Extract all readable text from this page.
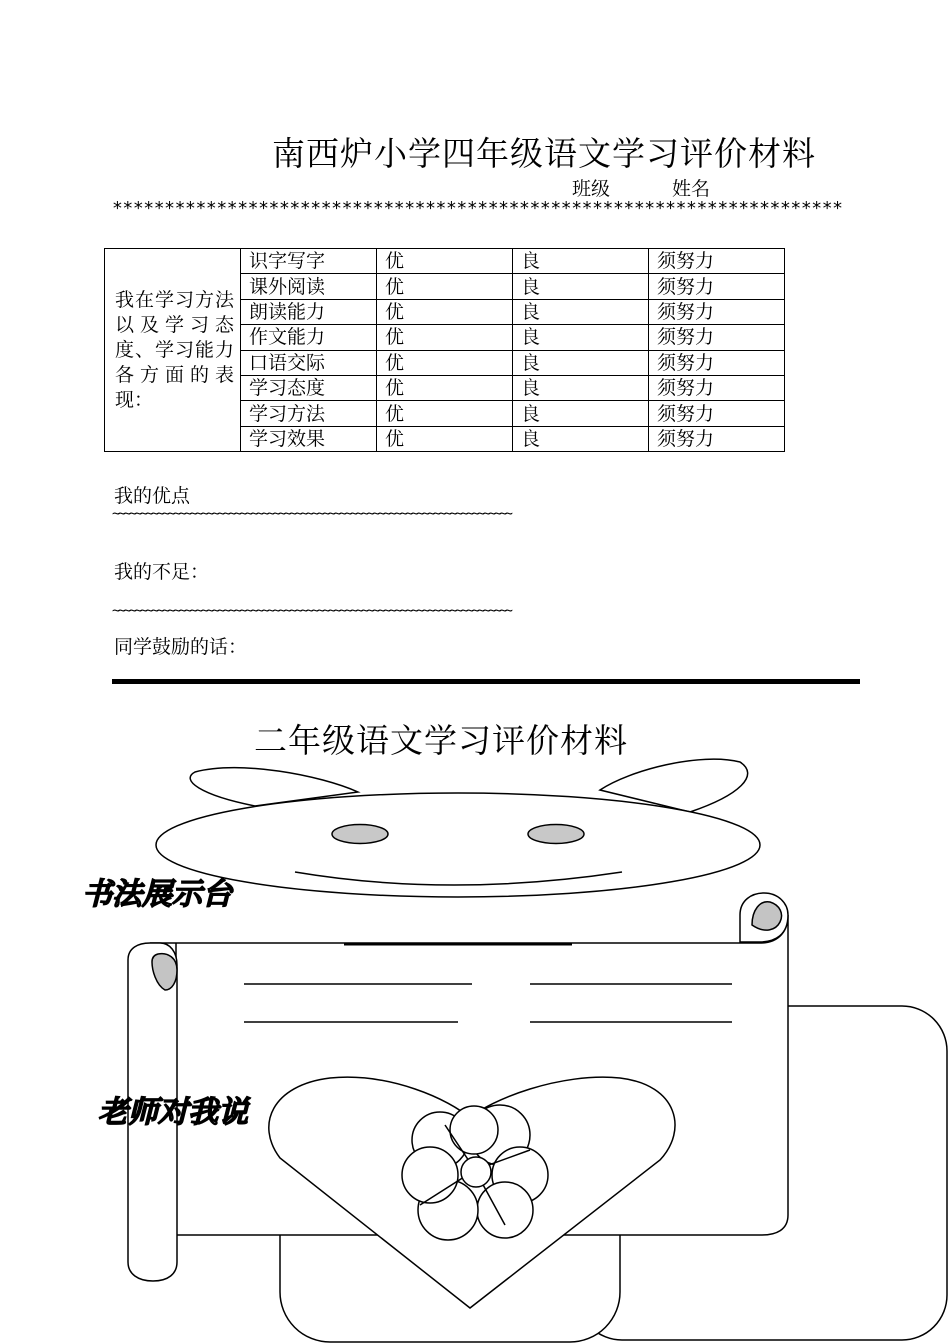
南西炉小学四年级语文学习评价材料
班级	姓名
**********************************************************************
我在学习方法以及学习态度、学习能力各方面的表现：	识字写字	优	良	须努力
	课外阅读	优	良	须努力
	朗读能力	优	良	须努力
	作文能力	优	良	须努力
	口语交际	优	良	须努力
	学习态度	优	良	须努力
	学习方法	优	良	须努力
	学习效果	优	良	须努力
我的优点
~~~~~~~~~~~~~~~~~~~~~~~~~~~~~~~~~~~~~~~~~~~~~~~~~~~~~~~~~~~~~~~~~~~~~~~~
我的不足：
~~~~~~~~~~~~~~~~~~~~~~~~~~~~~~~~~~~~~~~~~~~~~~~~~~~~~~~~~~~~~~~~~~~~~~~~
同学鼓励的话：
二年级语文学习评价材料
书法展示台
老师对我说
